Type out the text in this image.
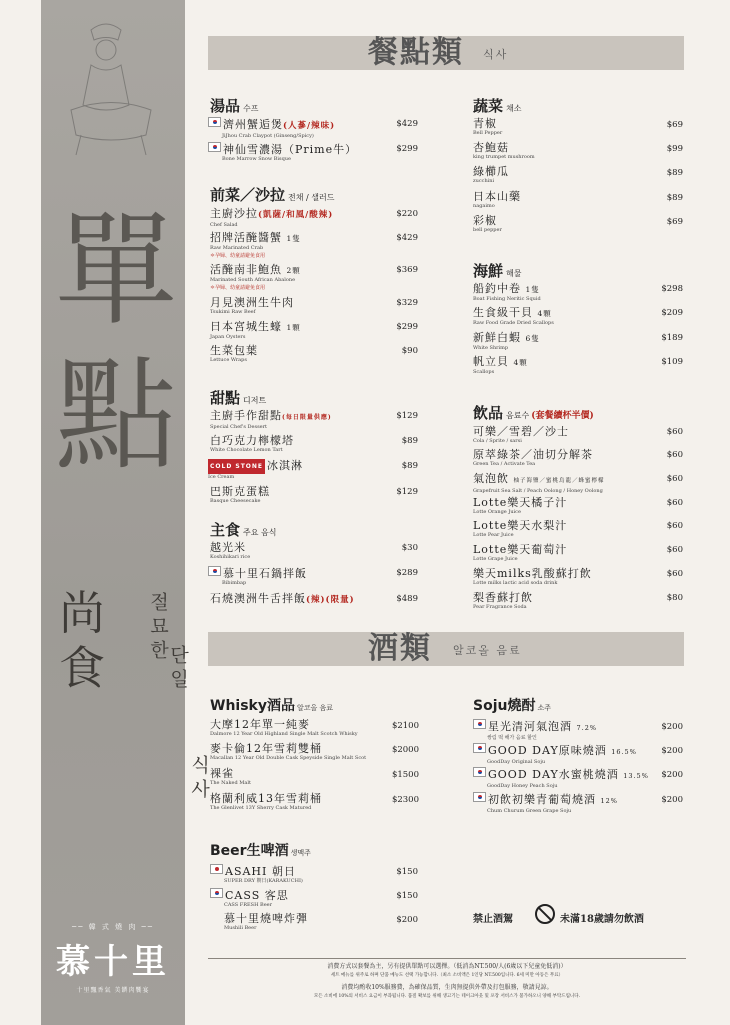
單
點
尚
食
절묘한
단일
식사
── 韓 式 燒 肉 ──
慕十里
十里飄香氣 美饌肉饗宴
餐點類 식사
湯品 수프
濟州蟹逅煲(人蔘/辣味)
JiJhou Crab Claypot (Ginseng/Spicy)
$429
神仙雪濃湯（Prime牛）
Bone Marrow Snow Bisque
$299
前菜／沙拉 전채 / 샐러드
主廚沙拉(凱薩/和風/酸辣)
Chef Salad
$220
招牌活醃醬蟹 1隻
Raw Marinated Crab
$429
＊孕婦、幼童請避免食用
活醃南非鮑魚 2顆
Marinated South African Abalone
$369
＊孕婦、幼童請避免食用
月見澳洲生牛肉
Tsukimi Raw Beef
$329
日本宮城生蠔 1顆
Japan Oysters
$299
生菜包葉
Lettuce Wraps
$90
甜點 디저트
主廚手作甜點(每日限量供應)
Special Chef's Dessert
$129
白巧克力檸檬塔
White Chocolate Lemon Tart
$89
COLD STONE 冰淇淋
Ice Cream
$89
巴斯克蛋糕
Basque Cheesecake
$129
主食 주요 음식
越光米
Koshihikari rice
$30
慕十里石鍋拌飯
Bibimbap
$289
石燒澳洲牛舌拌飯(辣)(限量)	$489
蔬菜 채소
青椒
Bell Pepper
$69
杏鮑菇
king trumpet mushroom
$99
綠櫛瓜
zucchini
$89
日本山藥
nagaimo
$89
彩椒
bell pepper
$69
海鮮 해물
船釣中卷 1隻
Boat Fishing Neritic Squid
$298
生食級干貝 4顆
Raw Food Grade Dried Scallops
$209
新鮮白蝦 6隻
White Shrimp
$189
帆立貝 4顆
Scallops
$109
飲品 음료수 (套餐續杯半價)
可樂／雪碧／沙士
Cola / Sprite / sarsi
$60
原萃綠茶／油切分解茶
Green Tea / Activate Tea
$60
氣泡飲 柚子海鹽／蜜桃烏龍／蜂蜜檸檬
Grapefruit Sea Salt / Peach Oolong / Honey Oolong
$60
Lotte樂天橘子汁
Lotte Orange Juice
$60
Lotte樂天水梨汁
Lotte Pear Juice
$60
Lotte樂天葡萄汁
Lotte Grape Juice
$60
樂天milks乳酸蘇打飲
Lotte milks lactic acid soda drink
$60
梨香蘇打飲
Pear Fragrance Soda
$80
酒類 알코올 음료
Whisky酒品 알코올 음료
大摩12年單一純麥
Dalmore 12 Year Old Highland Single Malt Scotch Whisky
$2100
麥卡倫12年雪莉雙桶
Macallan 12 Year Old Double Cask Speyside Single Malt Scot
$2000
裸雀
The Naked Malt
$1500
格蘭利威13年雪莉桶
The Glenlivet 13Y Sherry Cask Matured
$2300
Beer生啤酒 생맥주
ASAHI 朝日
SUPER DRY 朝日(KARAKUCHI)
$150
CASS 客思
CASS FRESH Beer
$150
慕十里燒啤炸彈
Mushili Beer
$200
Soju燒酎 소주
星光清河氣泡酒 7.2%
쌍림 떡 해가 음료 할인
$200
GOOD DAY原味燒酒 16.5%
GoodDay Original Soju
$200
GOOD DAY水蜜桃燒酒 13.5%
GoodDay Honey Peach Soju
$200
初飲初樂青葡萄燒酒 12%
Chum Churum Green Grape Soju
$200
禁止酒駕	未滿18歲請勿飲酒
消費方式以套餐為主，另有提供單點可以選擇。（低消為NT.500/人(6歲以下兒童免低消)）
세트 메뉴를 위주로 하며 단품 메뉴도 선택 가능합니다.（최소 소비액은 1인당 NT.500입니다. 6세 미만 아동은 무료）
消費均酌收10%服務費，為確保品質，生肉無提供外帶及打包服務，敬請見諒。
모든 소비에 10%의 서비스 요금이 부과됩니다. 품질 확보를 위해 생고기는 테이크아웃 및 포장 서비스가 불가하오니 양해 부탁드립니다.
